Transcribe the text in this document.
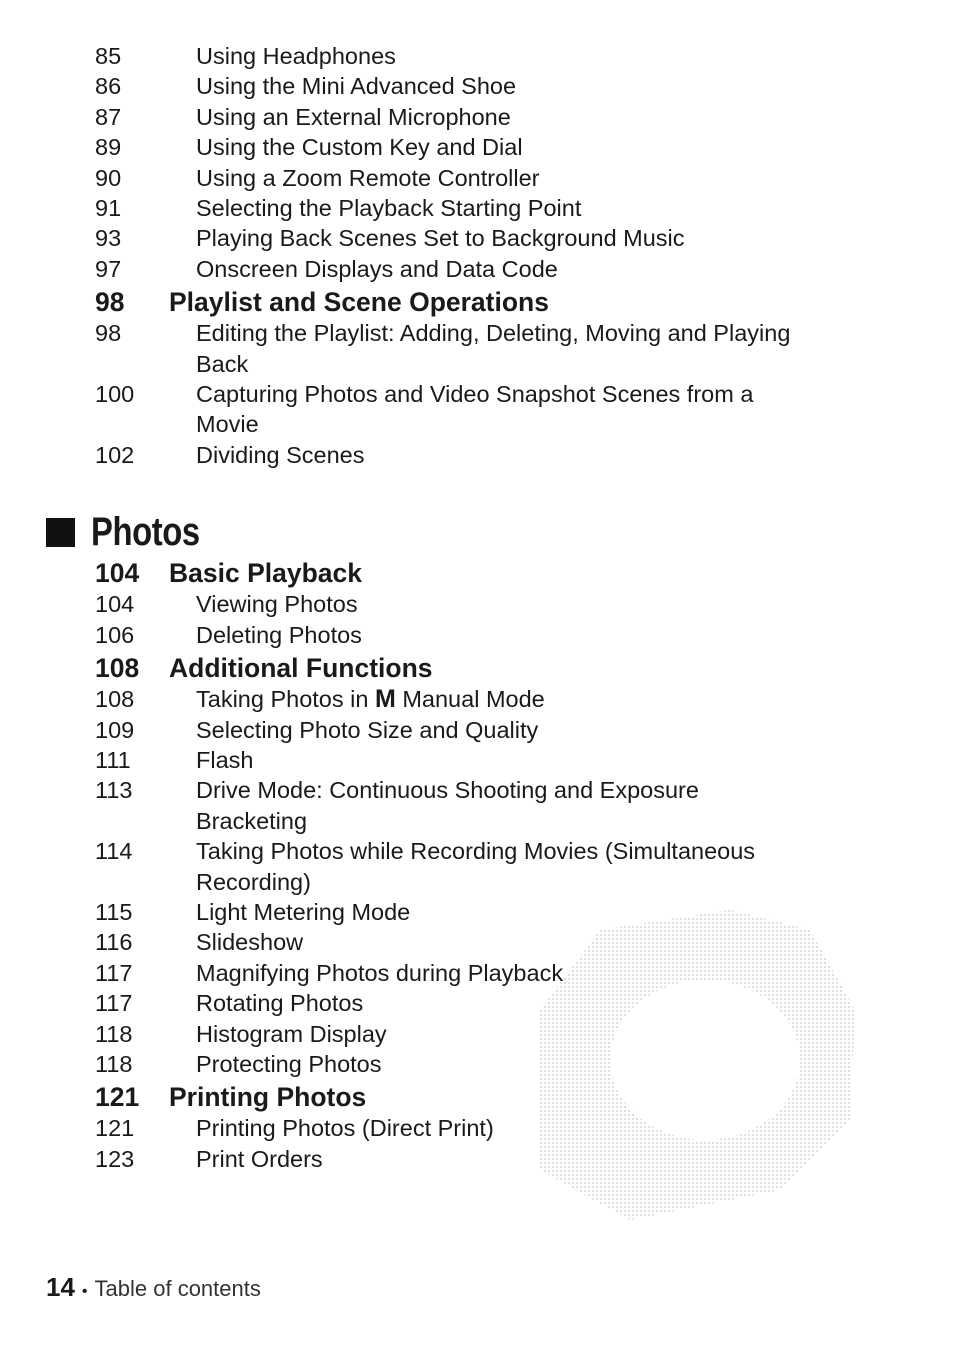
85	Using Headphones
86	Using the Mini Advanced Shoe
87	Using an External Microphone
89	Using the Custom Key and Dial
90	Using a Zoom Remote Controller
91	Selecting the Playback Starting Point
93	Playing Back Scenes Set to Background Music
97	Onscreen Displays and Data Code
98	Playlist and Scene Operations
98	Editing the Playlist: Adding, Deleting, Moving and Playing
Back
100	Capturing Photos and Video Snapshot Scenes from a
Movie
102	Dividing Scenes
Photos
104	Basic Playback
104	Viewing Photos
106	Deleting Photos
108	Additional Functions
108	Taking Photos in M Manual Mode
109	Selecting Photo Size and Quality
111	Flash
113	Drive Mode: Continuous Shooting and Exposure
Bracketing
114	Taking Photos while Recording Movies (Simultaneous
Recording)
115	Light Metering Mode
116	Slideshow
117	Magnifying Photos during Playback
117	Rotating Photos
118	Histogram Display
118	Protecting Photos
121	Printing Photos
121	Printing Photos (Direct Print)
123	Print Orders
14 • Table of contents
